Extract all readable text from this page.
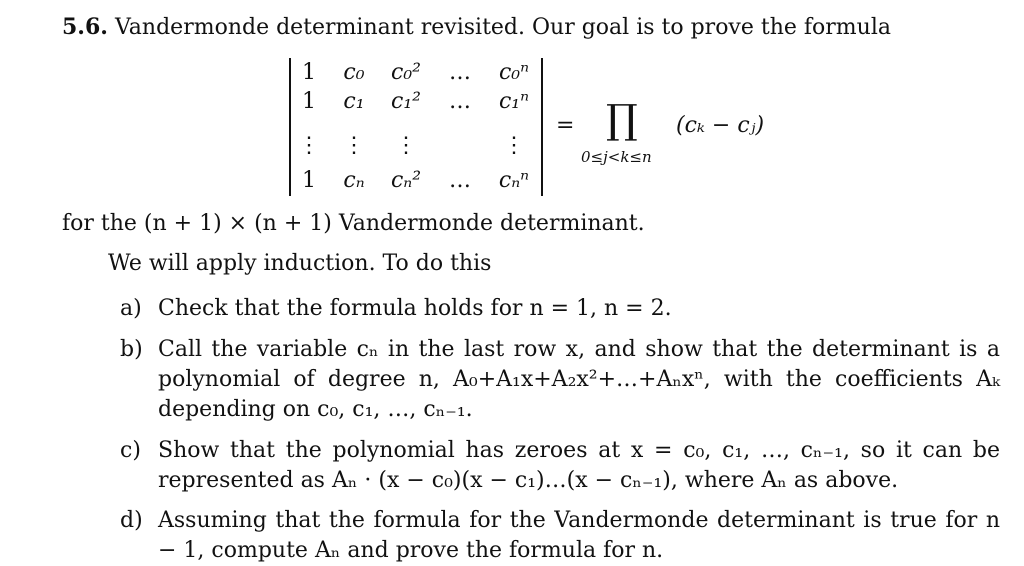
5.6. Vandermonde determinant revisited. Our goal is to prove the formula
1	c₀	c₀²	…	c₀ⁿ
1	c₁	c₁²	…	c₁ⁿ
⋮	⋮	⋮	⋮
1	cₙ	cₙ²	…	cₙⁿ
= ∏
0≤j<k≤n
(cₖ − cⱼ)
for the (n + 1) × (n + 1) Vandermonde determinant.
We will apply induction. To do this
a) Check that the formula holds for n = 1, n = 2.
b) Call the variable cₙ in the last row x, and show that the determinant is a polynomial of degree n, A₀+A₁x+A₂x²+…+Aₙxⁿ, with the coefficients Aₖ depending on c₀, c₁, …, cₙ₋₁.
c) Show that the polynomial has zeroes at x = c₀, c₁, …, cₙ₋₁, so it can be represented as Aₙ · (x − c₀)(x − c₁)…(x − cₙ₋₁), where Aₙ as above.
d) Assuming that the formula for the Vandermonde determinant is true for n − 1, compute Aₙ and prove the formula for n.
